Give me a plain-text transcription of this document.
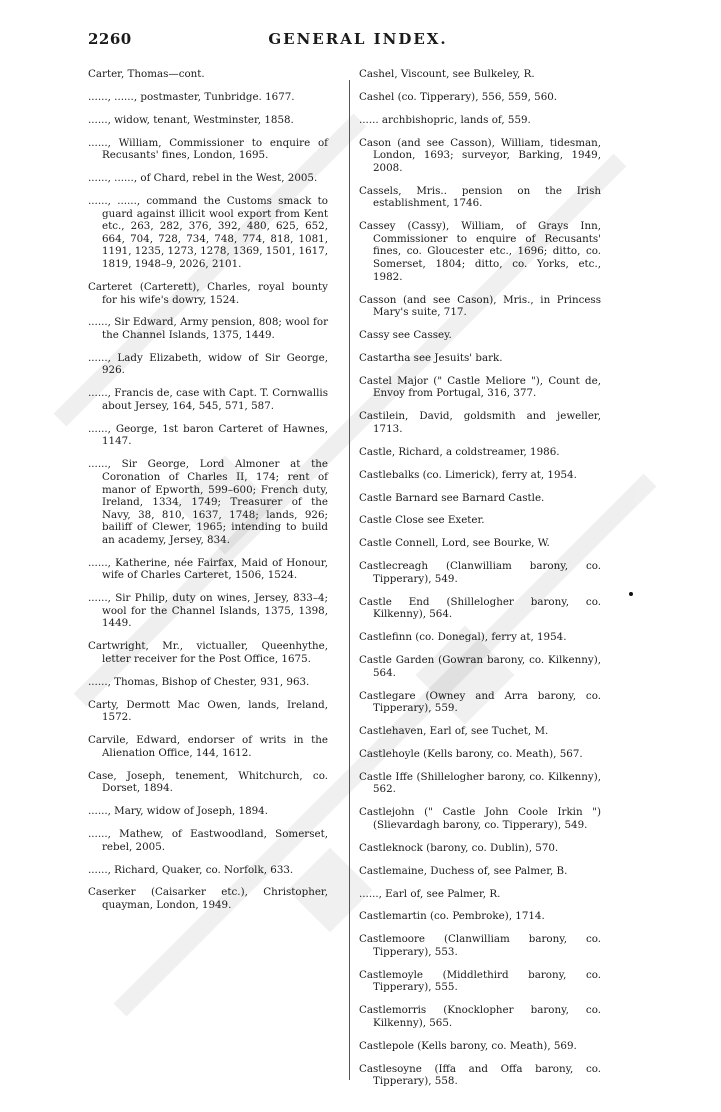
2260	GENERAL INDEX.

Carter, Thomas—cont.

......, ......, postmaster, Tunbridge. 1677.

......, widow, tenant, Westminster, 1858.

......, William, Commissioner to enquire of Recusants' fines, London, 1695.

......, ......, of Chard, rebel in the West, 2005.

......, ......, command the Customs smack to guard against illicit wool export from Kent etc., 263, 282, 376, 392, 480, 625, 652, 664, 704, 728, 734, 748, 774, 818, 1081, 1191, 1235, 1273, 1278, 1369, 1501, 1617, 1819, 1948–9, 2026, 2101.

Carteret (Carterett), Charles, royal bounty for his wife's dowry, 1524.

......, Sir Edward, Army pension, 808; wool for the Channel Islands, 1375, 1449.

......, Lady Elizabeth, widow of Sir George, 926.

......, Francis de, case with Capt. T. Cornwallis about Jersey, 164, 545, 571, 587.

......, George, 1st baron Carteret of Hawnes, 1147.

......, Sir George, Lord Almoner at the Coronation of Charles II, 174; rent of manor of Epworth, 599–600; French duty, Ireland, 1334, 1749; Treasurer of the Navy, 38, 810, 1637, 1748; lands, 926; bailiff of Clewer, 1965; intending to build an academy, Jersey, 834.

......, Katherine, née Fairfax, Maid of Honour, wife of Charles Carteret, 1506, 1524.

......, Sir Philip, duty on wines, Jersey, 833–4; wool for the Channel Islands, 1375, 1398, 1449.

Cartwright, Mr., victualler, Queenhythe, letter receiver for the Post Office, 1675.

......, Thomas, Bishop of Chester, 931, 963.

Carty, Dermott Mac Owen, lands, Ireland, 1572.

Carvile, Edward, endorser of writs in the Alienation Office, 144, 1612.

Case, Joseph, tenement, Whitchurch, co. Dorset, 1894.

......, Mary, widow of Joseph, 1894.

......, Mathew, of Eastwoodland, Somerset, rebel, 2005.

......, Richard, Quaker, co. Norfolk, 633.

Caserker (Caisarker etc.), Christopher, quayman, London, 1949.

Cashel, Viscount, see Bulkeley, R.

Cashel (co. Tipperary), 556, 559, 560.

...... archbishopric, lands of, 559.

Cason (and see Casson), William, tidesman, London, 1693; surveyor, Barking, 1949, 2008.

Cassels, Mris.. pension on the Irish establishment, 1746.

Cassey (Cassy), William, of Grays Inn, Commissioner to enquire of Recusants' fines, co. Gloucester etc., 1696; ditto, co. Somerset, 1804; ditto, co. Yorks, etc., 1982.

Casson (and see Cason), Mris., in Princess Mary's suite, 717.

Cassy see Cassey.

Castartha see Jesuits' bark.

Castel Major (" Castle Meliore "), Count de, Envoy from Portugal, 316, 377.

Castilein, David, goldsmith and jeweller, 1713.

Castle, Richard, a coldstreamer, 1986.

Castlebalks (co. Limerick), ferry at, 1954.

Castle Barnard see Barnard Castle.

Castle Close see Exeter.

Castle Connell, Lord, see Bourke, W.

Castlecreagh (Clanwilliam barony, co. Tipperary), 549.

Castle End (Shillelogher barony, co. Kilkenny), 564.

Castlefinn (co. Donegal), ferry at, 1954.

Castle Garden (Gowran barony, co. Kilkenny), 564.

Castlegare (Owney and Arra barony, co. Tipperary), 559.

Castlehaven, Earl of, see Tuchet, M.

Castlehoyle (Kells barony, co. Meath), 567.

Castle Iffe (Shillelogher barony, co. Kilkenny), 562.

Castlejohn (" Castle John Coole Irkin ") (Slievardagh barony, co. Tipperary), 549.

Castleknock (barony, co. Dublin), 570.

Castlemaine, Duchess of, see Palmer, B.

......, Earl of, see Palmer, R.

Castlemartin (co. Pembroke), 1714.

Castlemoore (Clanwilliam barony, co. Tipperary), 553.

Castlemoyle (Middlethird barony, co. Tipperary), 555.

Castlemorris (Knocklopher barony, co. Kilkenny), 565.

Castlepole (Kells barony, co. Meath), 569.

Castlesoyne (Iffa and Offa barony, co. Tipperary), 558.
